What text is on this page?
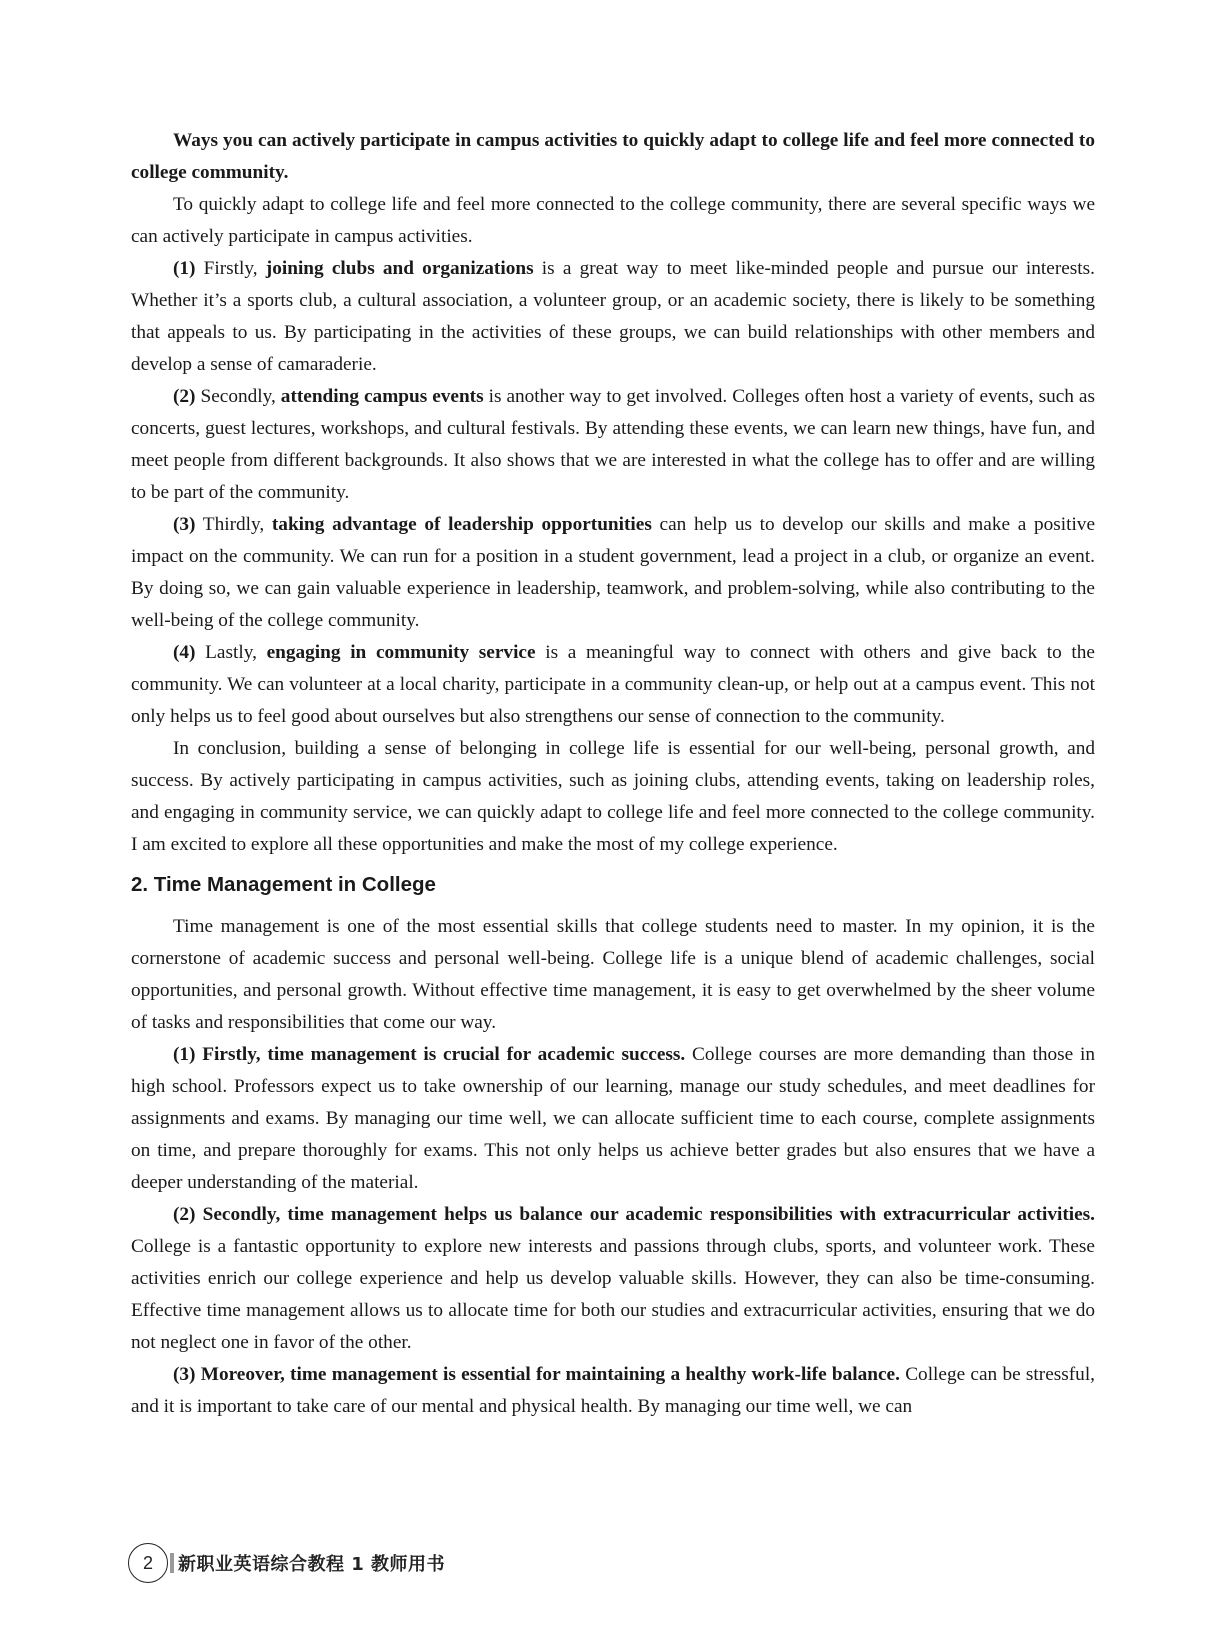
Ways you can actively participate in campus activities to quickly adapt to college life and feel more connected to college community.

To quickly adapt to college life and feel more connected to the college community, there are several specific ways we can actively participate in campus activities.

(1) Firstly, joining clubs and organizations is a great way to meet like-minded people and pursue our interests. Whether it’s a sports club, a cultural association, a volunteer group, or an academic society, there is likely to be something that appeals to us. By participating in the activities of these groups, we can build relationships with other members and develop a sense of camaraderie.

(2) Secondly, attending campus events is another way to get involved. Colleges often host a variety of events, such as concerts, guest lectures, workshops, and cultural festivals. By attending these events, we can learn new things, have fun, and meet people from different backgrounds. It also shows that we are interested in what the college has to offer and are willing to be part of the community.

(3) Thirdly, taking advantage of leadership opportunities can help us to develop our skills and make a positive impact on the community. We can run for a position in a student government, lead a project in a club, or organize an event. By doing so, we can gain valuable experience in leadership, teamwork, and problem-solving, while also contributing to the well-being of the college community.

(4) Lastly, engaging in community service is a meaningful way to connect with others and give back to the community. We can volunteer at a local charity, participate in a community clean-up, or help out at a campus event. This not only helps us to feel good about ourselves but also strengthens our sense of connection to the community.

In conclusion, building a sense of belonging in college life is essential for our well-being, personal growth, and success. By actively participating in campus activities, such as joining clubs, attending events, taking on leadership roles, and engaging in community service, we can quickly adapt to college life and feel more connected to the college community. I am excited to explore all these opportunities and make the most of my college experience.

2. Time Management in College

Time management is one of the most essential skills that college students need to master. In my opinion, it is the cornerstone of academic success and personal well-being. College life is a unique blend of academic challenges, social opportunities, and personal growth. Without effective time management, it is easy to get overwhelmed by the sheer volume of tasks and responsibilities that come our way.

(1) Firstly, time management is crucial for academic success. College courses are more demanding than those in high school. Professors expect us to take ownership of our learning, manage our study schedules, and meet deadlines for assignments and exams. By managing our time well, we can allocate sufficient time to each course, complete assignments on time, and prepare thoroughly for exams. This not only helps us achieve better grades but also ensures that we have a deeper understanding of the material.

(2) Secondly, time management helps us balance our academic responsibilities with extracurricular activities. College is a fantastic opportunity to explore new interests and passions through clubs, sports, and volunteer work. These activities enrich our college experience and help us develop valuable skills. However, they can also be time-consuming. Effective time management allows us to allocate time for both our studies and extracurricular activities, ensuring that we do not neglect one in favor of the other.

(3) Moreover, time management is essential for maintaining a healthy work-life balance. College can be stressful, and it is important to take care of our mental and physical health. By managing our time well, we can

2 新职业英语综合教程 1 教师用书
